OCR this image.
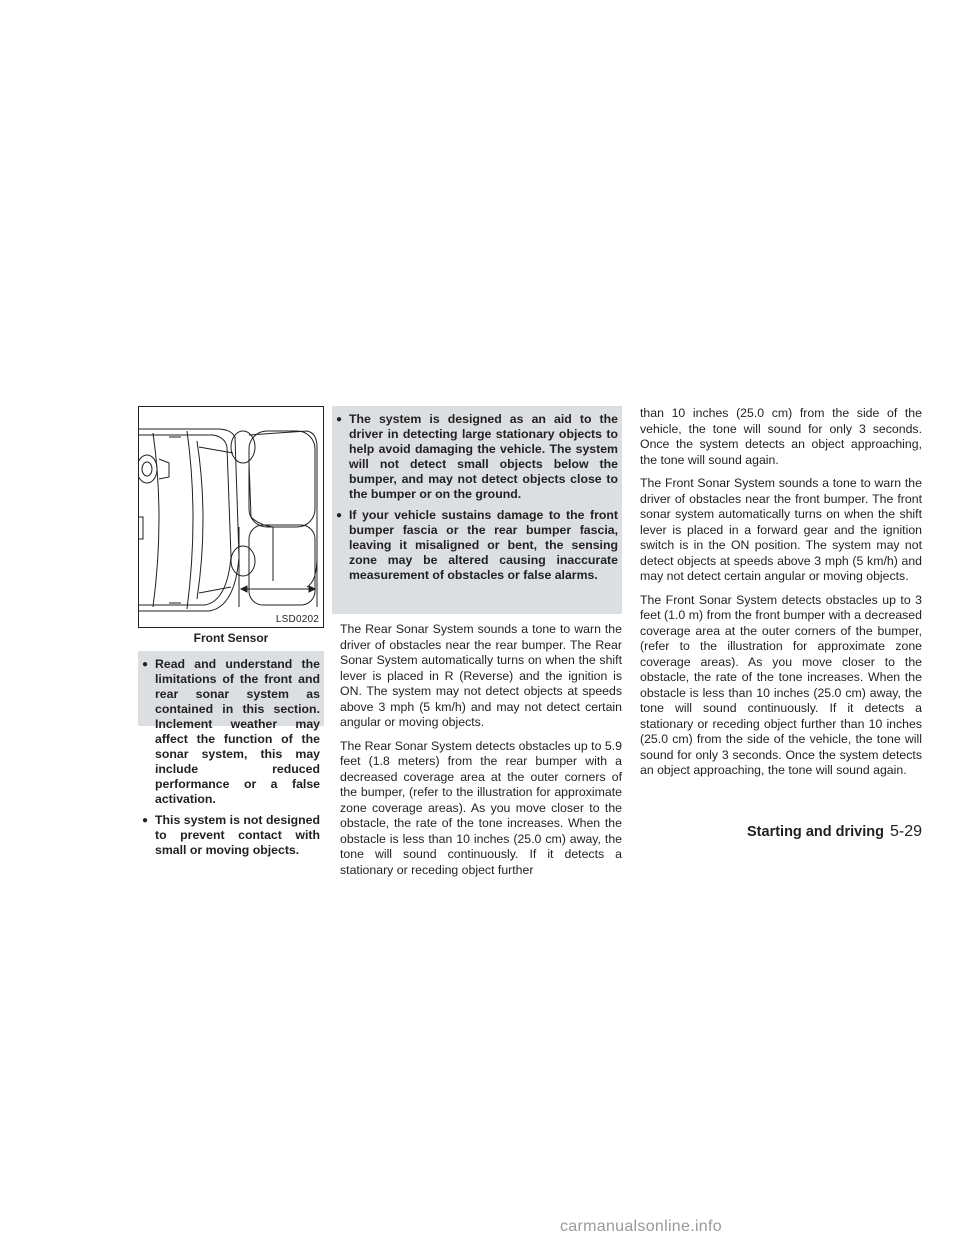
LSD0202
Front Sensor
● Read and understand the limitations of the front and rear sonar system as contained in this section. Inclement weather may affect the function of the sonar system, this may include reduced performance or a false activation.
● This system is not designed to prevent contact with small or moving objects.
● The system is designed as an aid to the driver in detecting large stationary objects to help avoid damaging the vehicle. The system will not detect small objects below the bumper, and may not detect objects close to the bumper or on the ground.
● If your vehicle sustains damage to the front bumper fascia or the rear bumper fascia, leaving it misaligned or bent, the sensing zone may be altered causing inaccurate measurement of obstacles or false alarms.

The Rear Sonar System sounds a tone to warn the driver of obstacles near the rear bumper. The Rear Sonar System automatically turns on when the shift lever is placed in R (Reverse) and the ignition is ON. The system may not detect objects at speeds above 3 mph (5 km/h) and may not detect certain angular or moving objects.

The Rear Sonar System detects obstacles up to 5.9 feet (1.8 meters) from the rear bumper with a decreased coverage area at the outer corners of the bumper, (refer to the illustration for approximate zone coverage areas). As you move closer to the obstacle, the rate of the tone increases. When the obstacle is less than 10 inches (25.0 cm) away, the tone will sound continuously. If it detects a stationary or receding object further

than 10 inches (25.0 cm) from the side of the vehicle, the tone will sound for only 3 seconds. Once the system detects an object approaching, the tone will sound again.

The Front Sonar System sounds a tone to warn the driver of obstacles near the front bumper. The front sonar system automatically turns on when the shift lever is placed in a forward gear and the ignition switch is in the ON position. The system may not detect objects at speeds above 3 mph (5 km/h) and may not detect certain angular or moving objects.

The Front Sonar System detects obstacles up to 3 feet (1.0 m) from the front bumper with a decreased coverage area at the outer corners of the bumper, (refer to the illustration for approximate zone coverage areas). As you move closer to the obstacle, the rate of the tone increases. When the obstacle is less than 10 inches (25.0 cm) away, the tone will sound continuously. If it detects a stationary or receding object further than 10 inches (25.0 cm) from the side of the vehicle, the tone will sound for only 3 seconds. Once the system detects an object approaching, the tone will sound again.

Starting and driving 5-29
carmanualsonline.info
